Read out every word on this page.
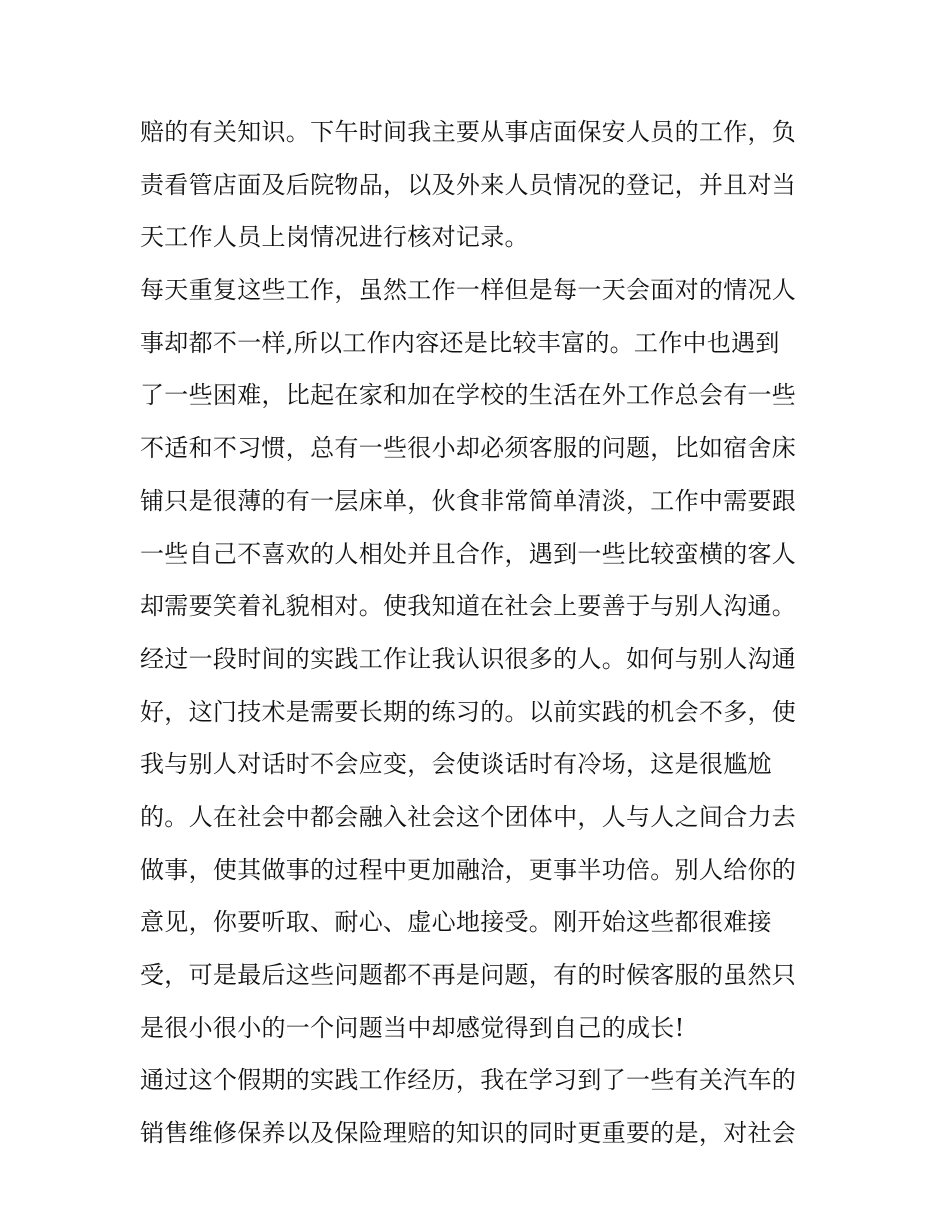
赔的有关知识。下午时间我主要从事店面保安人员的工作，负
责看管店面及后院物品，以及外来人员情况的登记，并且对当
天工作人员上岗情况进行核对记录。
每天重复这些工作，虽然工作一样但是每一天会面对的情况人
事却都不一样,所以工作内容还是比较丰富的。工作中也遇到
了一些困难，比起在家和加在学校的生活在外工作总会有一些
不适和不习惯，总有一些很小却必须客服的问题，比如宿舍床
铺只是很薄的有一层床单，伙食非常简单清淡，工作中需要跟
一些自己不喜欢的人相处并且合作，遇到一些比较蛮横的客人
却需要笑着礼貌相对。使我知道在社会上要善于与别人沟通。
经过一段时间的实践工作让我认识很多的人。如何与别人沟通
好，这门技术是需要长期的练习的。以前实践的机会不多，使
我与别人对话时不会应变，会使谈话时有冷场，这是很尴尬
的。人在社会中都会融入社会这个团体中，人与人之间合力去
做事，使其做事的过程中更加融洽，更事半功倍。别人给你的
意见，你要听取、耐心、虚心地接受。刚开始这些都很难接
受，可是最后这些问题都不再是问题，有的时候客服的虽然只
是很小很小的一个问题当中却感觉得到自己的成长!
通过这个假期的实践工作经历，我在学习到了一些有关汽车的
销售维修保养以及保险理赔的知识的同时更重要的是，对社会
